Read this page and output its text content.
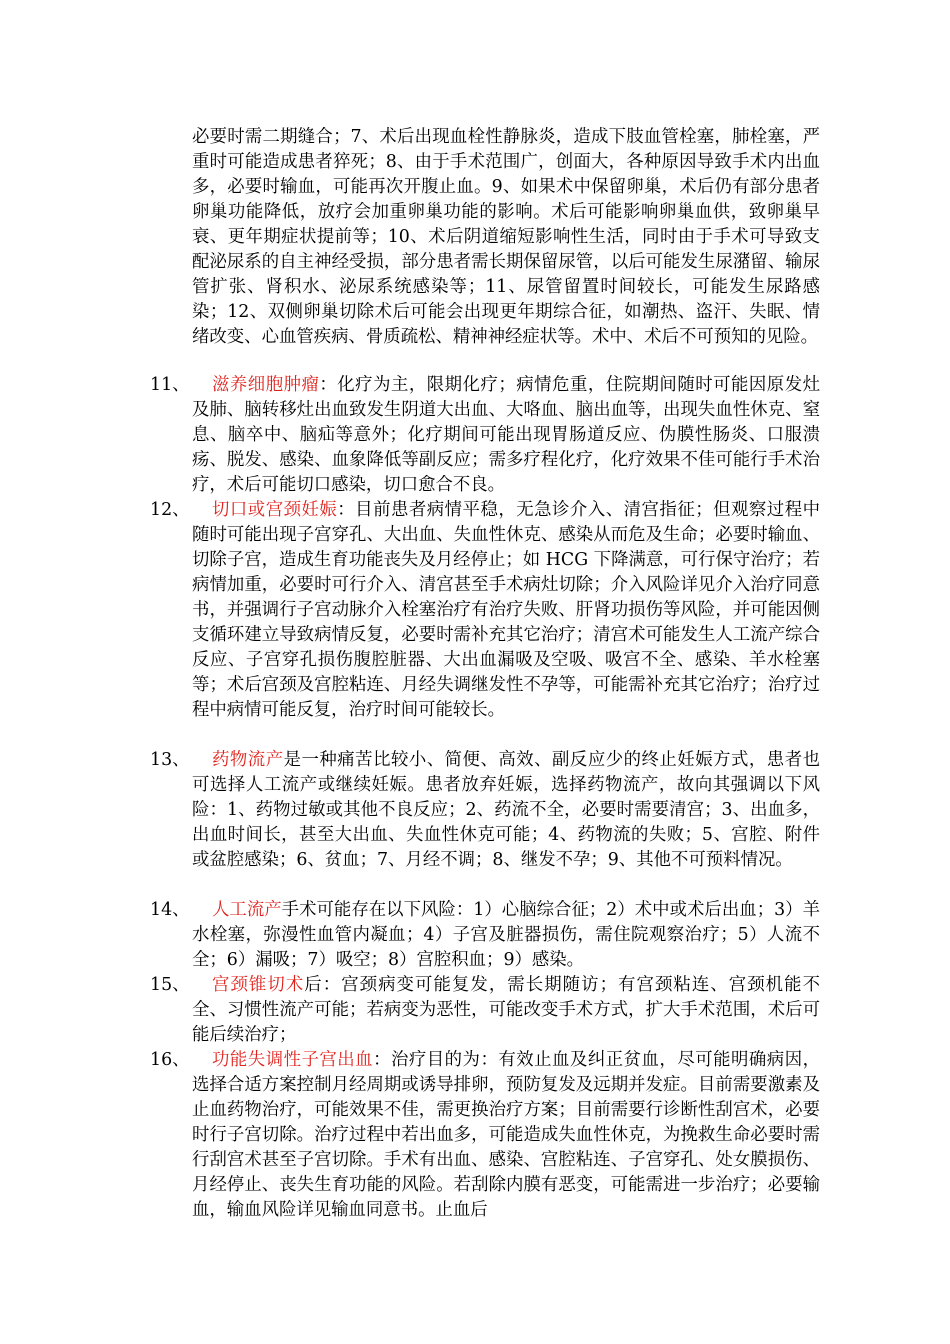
必要时需二期缝合；7、术后出现血栓性静脉炎，造成下肢血管栓塞，肺栓塞，严重时可能造成患者猝死；8、由于手术范围广，创面大，各种原因导致手术内出血多，必要时输血，可能再次开腹止血。9、如果术中保留卵巢，术后仍有部分患者卵巢功能降低，放疗会加重卵巢功能的影响。术后可能影响卵巢血供，致卵巢早衰、更年期症状提前等；10、术后阴道缩短影响性生活，同时由于手术可导致支配泌尿系的自主神经受损，部分患者需长期保留尿管，以后可能发生尿潴留、输尿管扩张、肾积水、泌尿系统感染等；11、尿管留置时间较长，可能发生尿路感染；12、双侧卵巢切除术后可能会出现更年期综合征，如潮热、盗汗、失眠、情绪改变、心血管疾病、骨质疏松、精神神经症状等。术中、术后不可预知的见险。

11、	滋养细胞肿瘤：化疗为主，限期化疗；病情危重，住院期间随时可能因原发灶及肺、脑转移灶出血致发生阴道大出血、大咯血、脑出血等，出现失血性休克、窒息、脑卒中、脑疝等意外；化疗期间可能出现胃肠道反应、伪膜性肠炎、口服溃疡、脱发、感染、血象降低等副反应；需多疗程化疗，化疗效果不佳可能行手术治疗，术后可能切口感染，切口愈合不良。
12、	切口或宫颈妊娠：目前患者病情平稳，无急诊介入、清宫指征；但观察过程中随时可能出现子宫穿孔、大出血、失血性休克、感染从而危及生命；必要时输血、切除子宫，造成生育功能丧失及月经停止；如 HCG 下降满意，可行保守治疗；若病情加重，必要时可行介入、清宫甚至手术病灶切除；介入风险详见介入治疗同意书，并强调行子宫动脉介入栓塞治疗有治疗失败、肝肾功损伤等风险，并可能因侧支循环建立导致病情反复，必要时需补充其它治疗；清宫术可能发生人工流产综合反应、子宫穿孔损伤腹腔脏器、大出血漏吸及空吸、吸宫不全、感染、羊水栓塞等；术后宫颈及宫腔粘连、月经失调继发性不孕等，可能需补充其它治疗；治疗过程中病情可能反复，治疗时间可能较长。
13、	药物流产是一种痛苦比较小、简便、高效、副反应少的终止妊娠方式，患者也可选择人工流产或继续妊娠。患者放弃妊娠，选择药物流产，故向其强调以下风险：1、药物过敏或其他不良反应；2、药流不全，必要时需要清宫；3、出血多，出血时间长，甚至大出血、失血性休克可能；4、药物流的失败；5、宫腔、附件或盆腔感染；6、贫血；7、月经不调；8、继发不孕；9、其他不可预料情况。
14、	人工流产手术可能存在以下风险：1）心脑综合征；2）术中或术后出血；3）羊水栓塞，弥漫性血管内凝血；4）子宫及脏器损伤，需住院观察治疗；5）人流不全；6）漏吸；7）吸空；8）宫腔积血；9）感染。
15、	宫颈锥切术后：宫颈病变可能复发，需长期随访；有宫颈粘连、宫颈机能不全、习惯性流产可能；若病变为恶性，可能改变手术方式，扩大手术范围，术后可能后续治疗；
16、	功能失调性子宫出血：治疗目的为：有效止血及纠正贫血，尽可能明确病因，选择合适方案控制月经周期或诱导排卵，预防复发及远期并发症。目前需要激素及止血药物治疗，可能效果不佳，需更换治疗方案；目前需要行诊断性刮宫术，必要时行子宫切除。治疗过程中若出血多，可能造成失血性休克，为挽救生命必要时需行刮宫术甚至子宫切除。手术有出血、感染、宫腔粘连、子宫穿孔、处女膜损伤、月经停止、丧失生育功能的风险。若刮除内膜有恶变，可能需进一步治疗；必要输血，输血风险详见输血同意书。止血后
